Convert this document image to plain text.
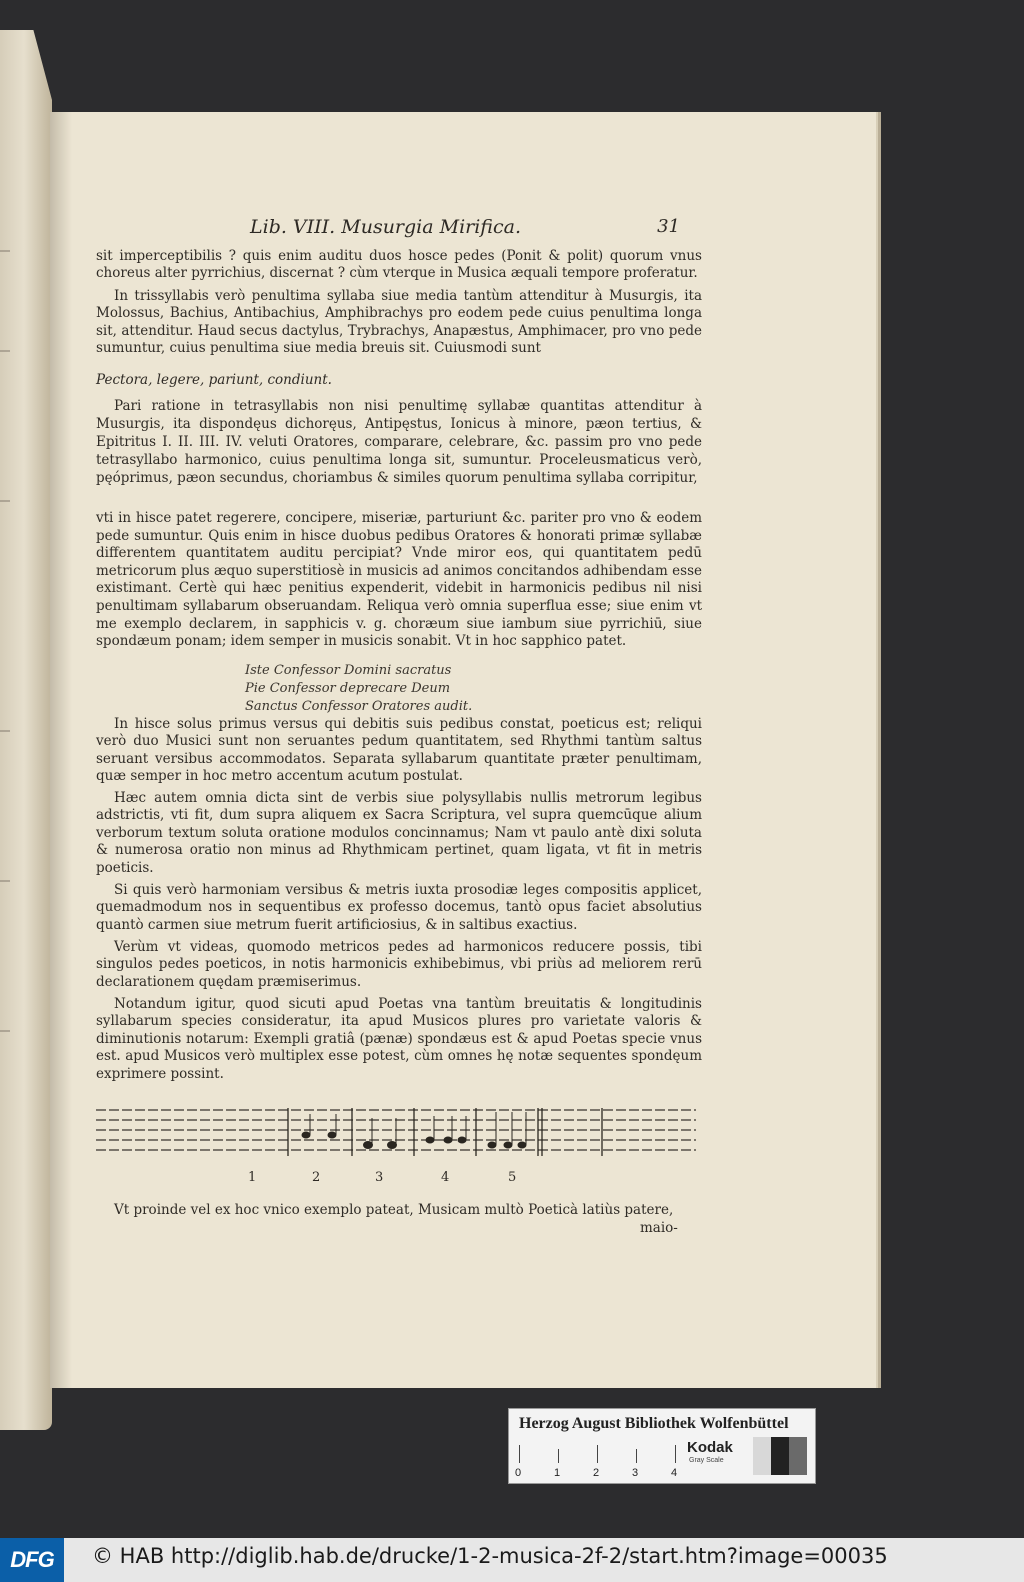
Lib. VIII. Musurgia Mirifica.	31

sit imperceptibilis ? quis enim auditu duos hosce pedes (Ponit & polit) quorum vnus choreus alter pyrrichius, discernat ? cùm vterque in Musica æquali tempore proferatur.

In trissyllabis verò penultima syllaba siue media tantùm attenditur à Musurgis, ita Molossus, Bachius, Antibachius, Amphibrachys pro eodem pede cuius penultima longa sit, attenditur. Haud secus dactylus, Trybrachys, Anapæstus, Amphimacer, pro vno pede sumuntur, cuius penultima siue media breuis sit. Cuiusmodi sunt

Pectora, legere, pariunt, condiunt.

Pari ratione in tetrasyllabis non nisi penultimę syllabæ quantitas attenditur à Musurgis, ita dispondęus dichoręus, Antipęstus, Ionicus à minore, pæon tertius, & Epitritus I. II. III. IV. veluti Oratores, comparare, celebrare, &c. passim pro vno pede tetrasyllabo harmonico, cuius penultima longa sit, sumuntur. Proceleusmaticus verò, pęóprimus, pæon secundus, choriambus & similes quorum penultima syllaba corripitur,

vti in hisce patet regerere, concipere, miseriæ, parturiunt &c. pariter pro vno & eodem pede sumuntur. Quis enim in hisce duobus pedibus Oratores & honorati primæ syllabæ differentem quantitatem auditu percipiat? Vnde miror eos, qui quantitatem pedū metricorum plus æquo superstitiosè in musicis ad animos concitandos adhibendam esse existimant. Certè qui hæc penitius expenderit, videbit in harmonicis pedibus nil nisi penultimam syllabarum obseruandam. Reliqua verò omnia superflua esse; siue enim vt me exemplo declarem, in sapphicis v. g. choræum siue iambum siue pyrrichiū, siue spondæum ponam; idem semper in musicis sonabit. Vt in hoc sapphico patet.

Iste Confessor Domini sacratus
Pie Confessor deprecare Deum
Sanctus Confessor Oratores audit.

In hisce solus primus versus qui debitis suis pedibus constat, poeticus est; reliqui verò duo Musici sunt non seruantes pedum quantitatem, sed Rhythmi tantùm saltus seruant versibus accommodatos. Separata syllabarum quantitate præter penultimam, quæ semper in hoc metro accentum acutum postulat.

Hæc autem omnia dicta sint de verbis siue polysyllabis nullis metrorum legibus adstrictis, vti fit, dum supra aliquem ex Sacra Scriptura, vel supra quemcūque alium verborum textum soluta oratione modulos concinnamus; Nam vt paulo antè dixi soluta & numerosa oratio non minus ad Rhythmicam pertinet, quam ligata, vt fit in metris poeticis.

Si quis verò harmoniam versibus & metris iuxta prosodiæ leges compositis applicet, quemadmodum nos in sequentibus ex professo docemus, tantò opus faciet absolutius quantò carmen siue metrum fuerit artificiosius, & in saltibus exactius.

Verùm vt videas, quomodo metricos pedes ad harmonicos reducere possis, tibi singulos pedes poeticos, in notis harmonicis exhibebimus, vbi priùs ad meliorem rerū declarationem quędam præmiserimus.

Notandum igitur, quod sicuti apud Poetas vna tantùm breuitatis & longitudinis syllabarum species consideratur, ita apud Musicos plures pro varietate valoris & diminutionis notarum: Exempli gratiâ (pænæ) spondæus est & apud Poetas specie vnus est. apud Musicos verò multiplex esse potest, cùm omnes hę notæ sequentes spondęum exprimere possint.

1	2	3	4	5

Vt proinde vel ex hoc vnico exemplo pateat, Musicam multò Poeticà latiùs patere,

maio-
Herzog August Bibliothek Wolfenbüttel
Kodak
Gray Scale
0	1	2	3	4
DFG	© HAB http://diglib.hab.de/drucke/1-2-musica-2f-2/start.htm?image=00035
